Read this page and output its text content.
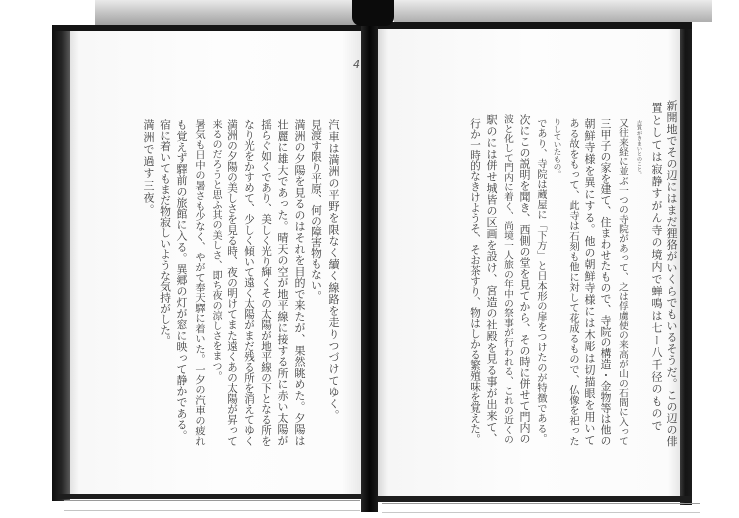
4
汽車は満洲の平野を限なく續く線路を走りつづけてゆく。
見渡す限り平原、何の障害物もない。
満洲の夕陽を見るのはそれを目的で来たが、果然眺めた。夕陽は
壮麗に雄大であった。晴天の空が地平線に接する所に赤い太陽が
揺らぐ如くであり、美しく光り輝くその太陽が地平線の下となる所を
なり光をかすめて、少しく傾いて遠く太陽がまだ残る所を消えてゆく
満洲の夕陽の美しさを見る時、夜の明けてまた遠くあの太陽が昇って
来るのだろうと思ふ其の美しさ、即ち夜の涼しさをまつ。
暑気も日中の暑さも少なく、やがて奉天驛に着いた。一夕の汽車の疲れ
も覚えず驛前の旅館に入る。異郷の灯が窓に映って静かである。
宿に着いてもまだ物寂しいような気持がした。
満洲で過す三夜。	新開地でその辺にはまだ狸狢がいくらでもいるそうだ。この辺の俳
置としては寂静すがん寺の境内で蝉鳴は七ー八千径のもので
古質がきまいとのこと。
又往来経に並ぶ一つの寺院があって、之は俘虜使の来高が山の石間に入って
三甲子の家を建て、住まわせたもので、寺院の構造・金物等は他の
朝鮮寺様を異にする。他の朝鮮寺様には木彫は切描眼を用いて
ある故をもって、此寺は石刻も他に対して花成るもので、仏像を祀った
りしていたもの。
であり、寺院は蔵屋に「下方」と日本形の扉をつけたのが特徴である。
次にこの説明を聞き、西側の堂を見てから、その時に併せて門内の
波と化して門内に着く、尚境一人旅の年中の祭事が行われる、これの近くの
駅のには併せ城皆の区画を設け、宮造の社殿を見る事が出来て、
行か一時的なきけようそ、そお茶すり、物はしかる繁殖味を覚えた。
